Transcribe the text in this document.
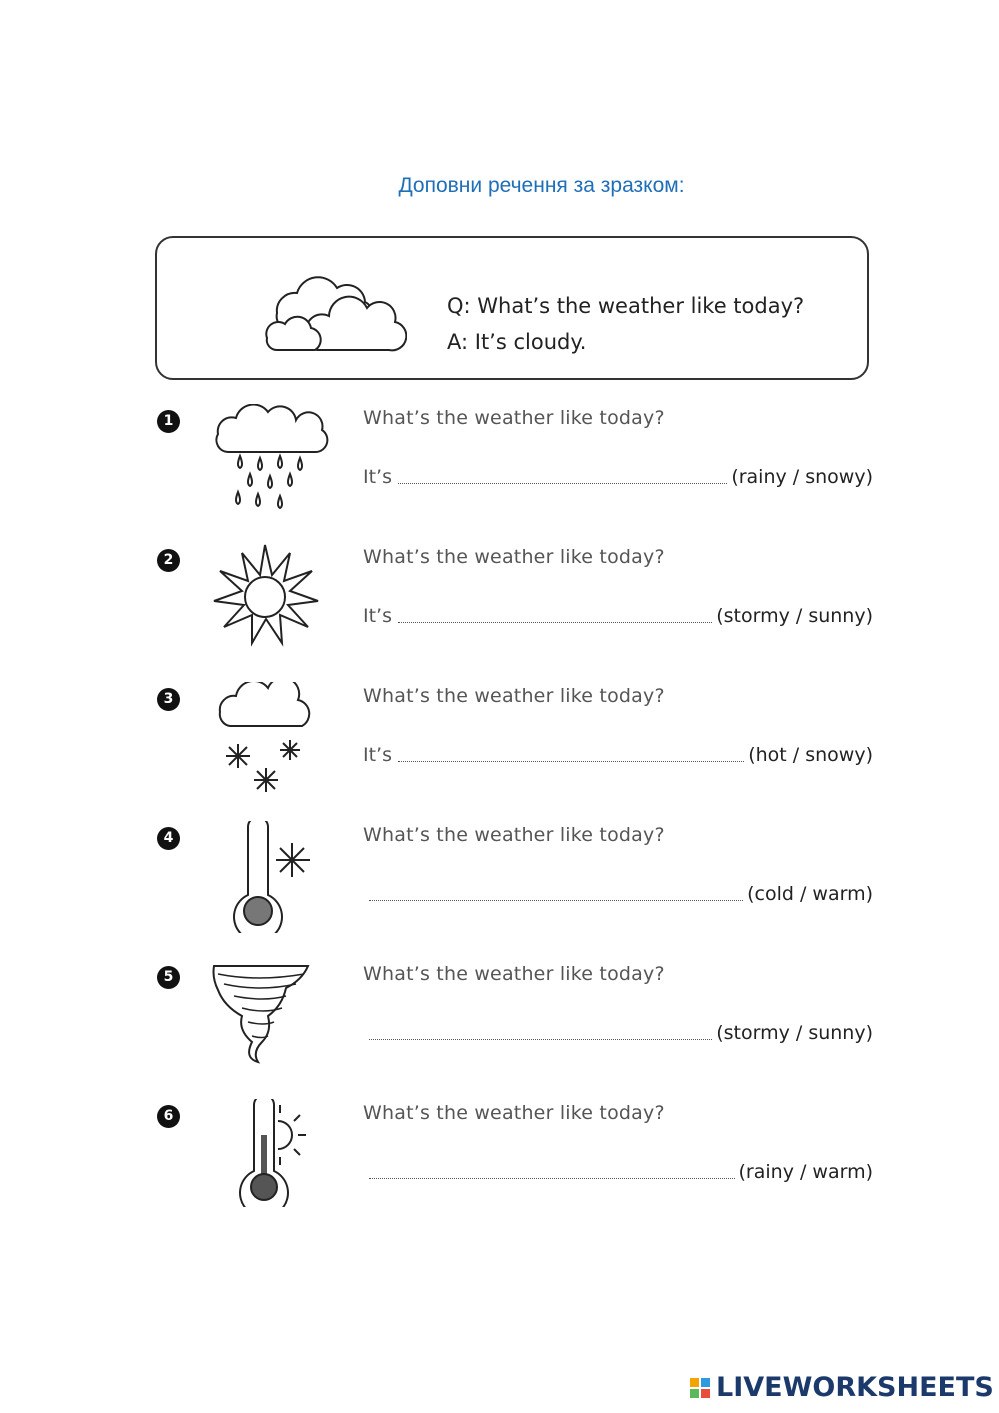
Доповни речення за зразком:
Q: What’s the weather like today?
A: It’s cloudy.
1	What’s the weather like today?
It’s	(rainy / snowy)
2	What’s the weather like today?
It’s	(stormy / sunny)
3	What’s the weather like today?
It’s	(hot / snowy)
4	What’s the weather like today?
(cold / warm)
5	What’s the weather like today?
(stormy / sunny)
6	What’s the weather like today?
(rainy / warm)
LIVEWORKSHEETS
